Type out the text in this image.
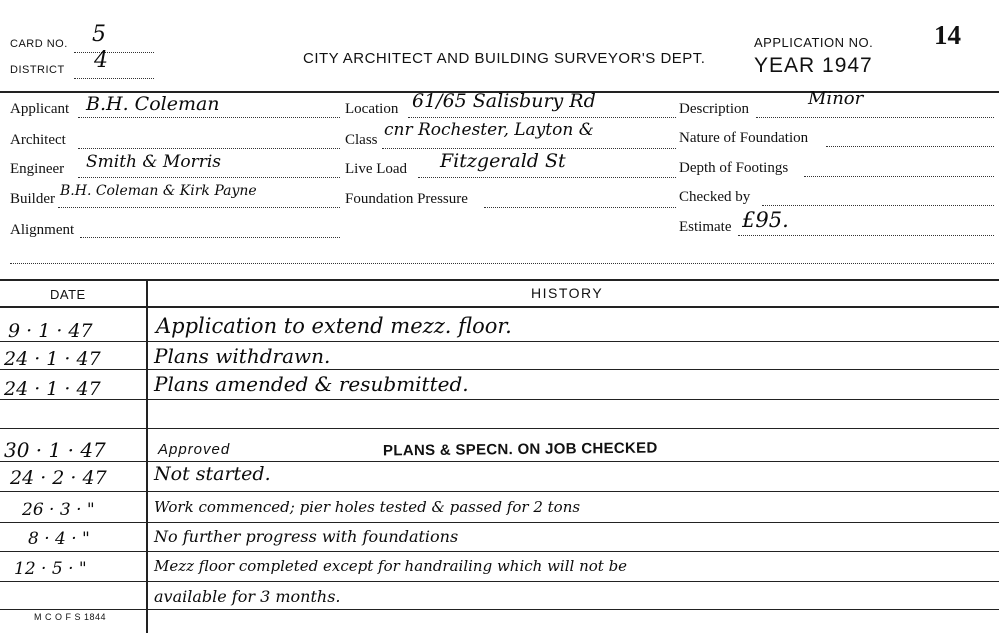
CARD NO. 5
DISTRICT 4	CITY ARCHITECT AND BUILDING SURVEYOR'S DEPT.
APPLICATION NO. 14
YEAR 1947
Applicant B.H. Coleman
Architect
Engineer Smith & Morris
Builder B.H. Coleman & Kirk Payne
Alignment
Location 61/65 Salisbury Rd
Class cnr Rochester, Layton &
Live Load Fitzgerald St
Foundation Pressure
Description	Minor
Nature of Foundation
Depth of Footings
Checked by
Estimate £95.
DATE	HISTORY
9 · 1 · 47	Application to extend mezz. floor.
24 · 1 · 47	Plans withdrawn.
24 · 1 · 47	Plans amended & resubmitted.
30 · 1 · 47	Approved	PLANS & SPECN. ON JOB CHECKED
24 · 2 · 47 Not started.
26 · 3 · "	Work commenced; pier holes tested & passed for 2 tons
8 · 4 · "	No further progress with foundations
12 · 5 · "	Mezz floor completed except for handrailing which will not be
available for 3 months.
M C O F S 1844
